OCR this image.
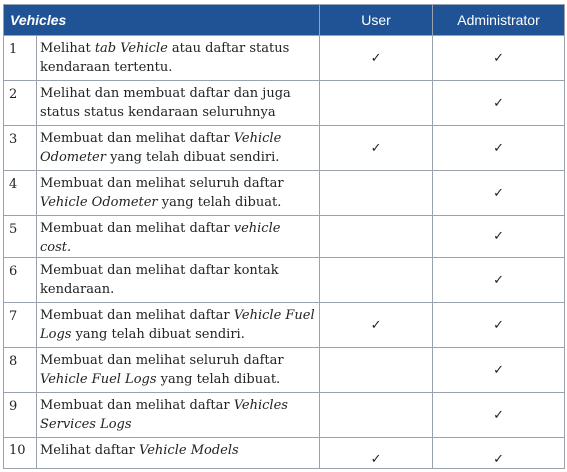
Vehicles		User	Administrator
1	Melihat tab Vehicle atau daftar status
kendaraan tertentu.	✓	✓
2	Melihat dan membuat daftar dan juga
status status kendaraan seluruhnya		✓
3	Membuat dan melihat daftar Vehicle
Odometer yang telah dibuat sendiri.	✓	✓
4	Membuat dan melihat seluruh daftar
Vehicle Odometer yang telah dibuat.		✓
5	Membuat dan melihat daftar vehicle cost.		✓
6	Membuat dan melihat daftar kontak
kendaraan.		✓
7	Membuat dan melihat daftar Vehicle Fuel
Logs yang telah dibuat sendiri.	✓	✓
8	Membuat dan melihat seluruh daftar
Vehicle Fuel Logs yang telah dibuat.		✓
9	Membuat dan melihat daftar Vehicles
Services Logs		✓
10	Melihat daftar Vehicle Models	✓	✓
